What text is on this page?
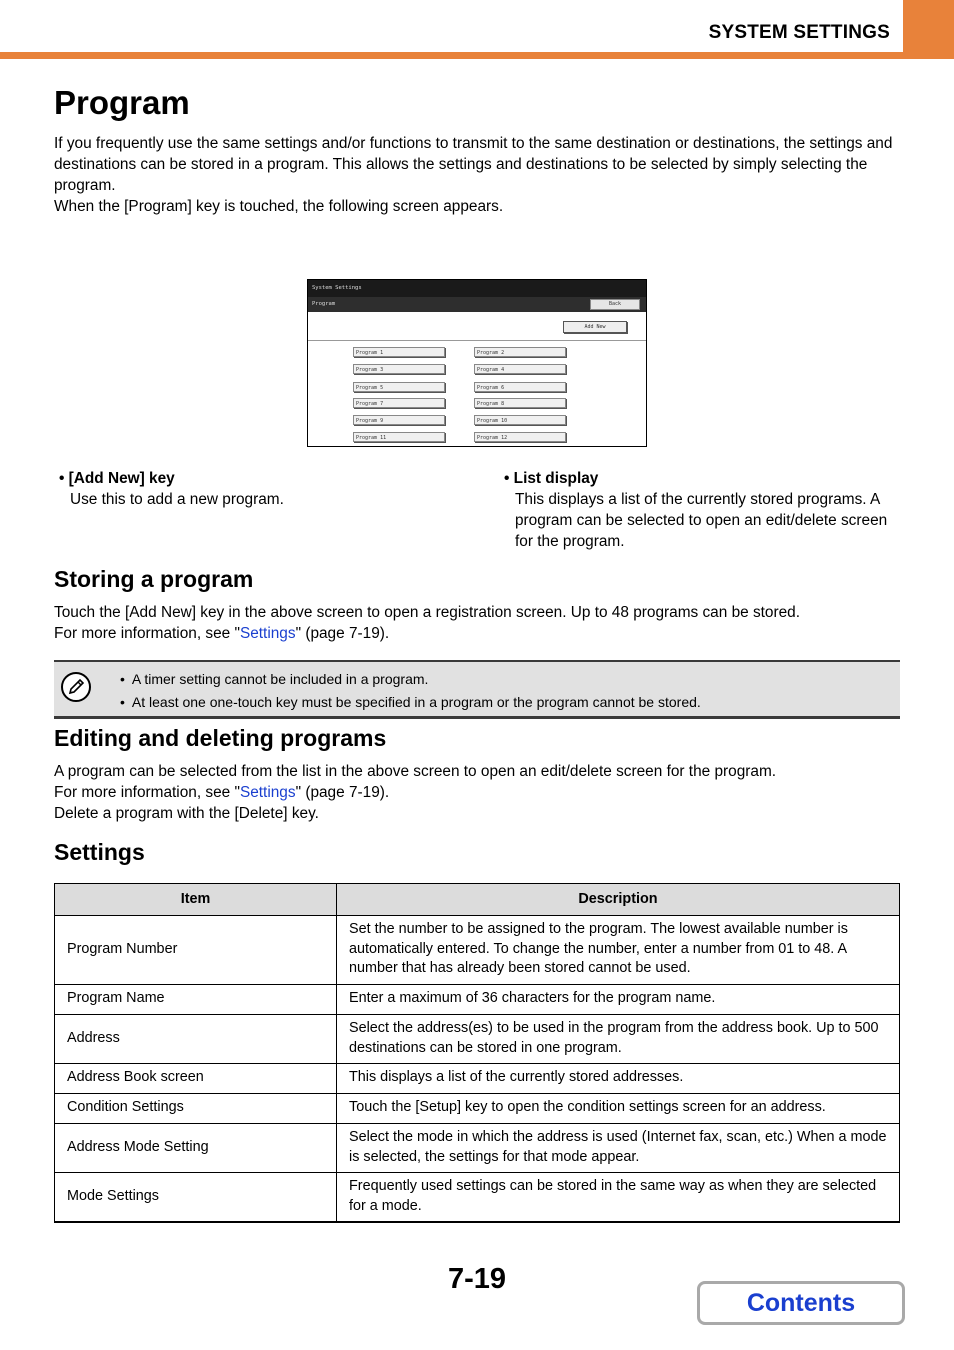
SYSTEM SETTINGS
Program

If you frequently use the same settings and/or functions to transmit to the same destination or destinations, the settings and destinations can be stored in a program. This allows the settings and destinations to be selected by simply selecting the program.

When the [Program] key is touched, the following screen appears.

System Settings
Program	Back
Add New
Program 1	Program 2
Program 3	Program 4
Program 5	Program 6
Program 7	Program 8
Program 9	Program 10
Program 11	Program 12
• [Add New] key
Use this to add a new program.
• List display
This displays a list of the currently stored programs. A program can be selected to open an edit/delete screen for the program.
Storing a program

Touch the [Add New] key in the above screen to open a registration screen. Up to 48 programs can be stored.

For more information, see "Settings" (page 7-19).

• A timer setting cannot be included in a program.
• At least one one-touch key must be specified in a program or the program cannot be stored.
Editing and deleting programs

A program can be selected from the list in the above screen to open an edit/delete screen for the program.

For more information, see "Settings" (page 7-19).

Delete a program with the [Delete] key.

Settings
Item	Description
Program Number	Set the number to be assigned to the program. The lowest available number is automatically entered. To change the number, enter a number from 01 to 48. A number that has already been stored cannot be used.
Program Name	Enter a maximum of 36 characters for the program name.
Address	Select the address(es) to be used in the program from the address book. Up to 500 destinations can be stored in one program.
Address Book screen	This displays a list of the currently stored addresses.
Condition Settings	Touch the [Setup] key to open the condition settings screen for an address.
Address Mode Setting	Select the mode in which the address is used (Internet fax, scan, etc.) When a mode is selected, the settings for that mode appear.
Mode Settings	Frequently used settings can be stored in the same way as when they are selected for a mode.
7-19
Contents
